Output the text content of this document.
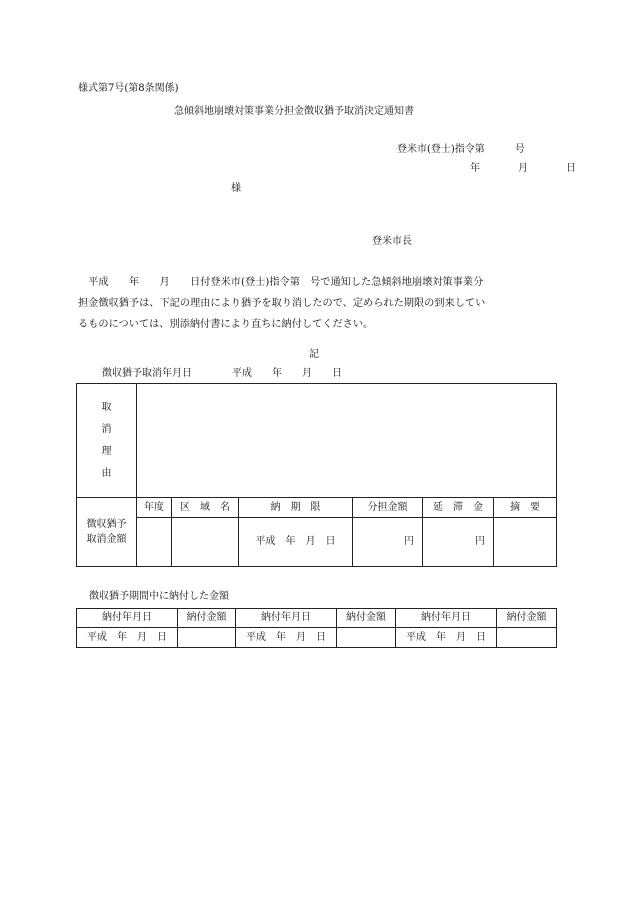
様式第7号(第8条関係)
急傾斜地崩壊対策事業分担金徴収猶予取消決定通知書
登米市(登士)指令第　　　号
年　　月　　日
様
登米市長
　平成　　年　　月　　日付登米市(登士)指令第　号で通知した急傾斜地崩壊対策事業分
担金徴収猶予は、下記の理由により猶予を取り消したので、定められた期限の到来してい
るものについては、別添納付書により直ちに納付してください。
記
徴収猶予取消年月日	平成　　年　　月　　日
取
消
理
由						

徴収猶予
取消金額	年度	区　域　名	納　期　限	分担金額	延　滞　金	摘　要
			平成　年　月　日	円	円	
徴収猶予期間中に納付した金額
納付年月日	納付金額	納付年月日	納付金額	納付年月日	納付金額
平成　年　月　日		平成　年　月　日		平成　年　月　日	
